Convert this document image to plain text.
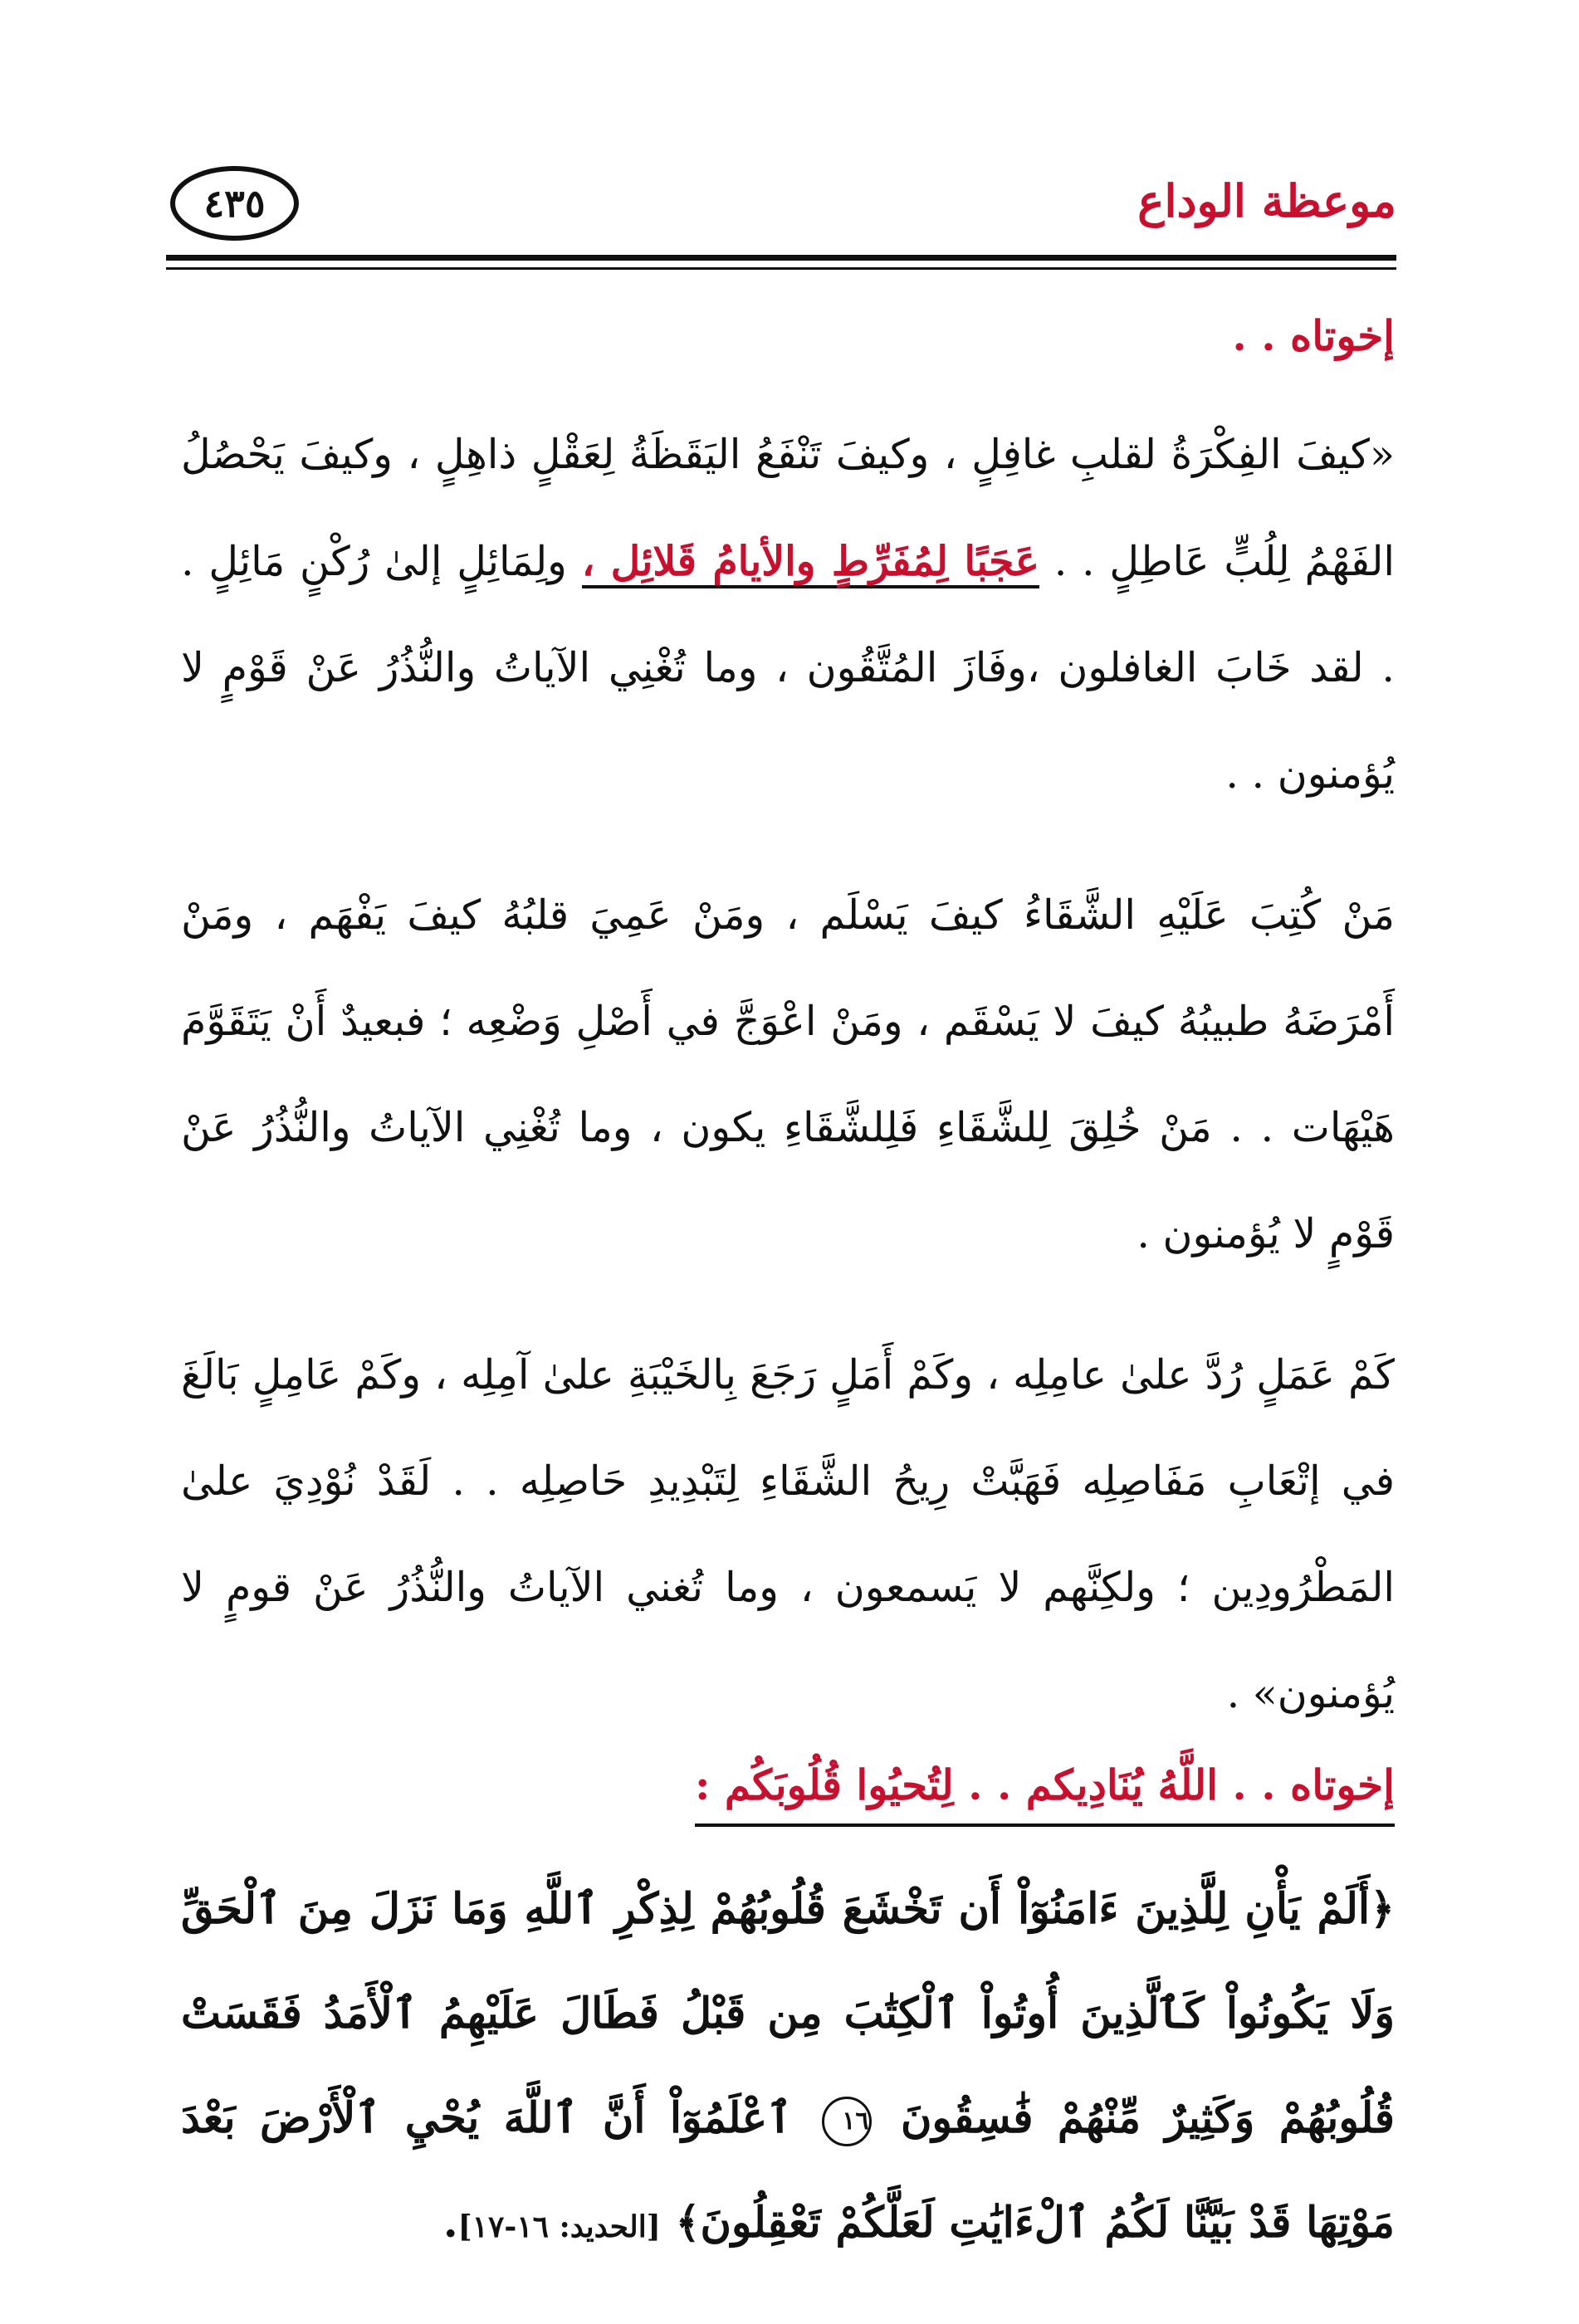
موعظة الوداع
٤٣٥
إخوتاه . .

«كيفَ الفِكْرَةُ لقلبِ غافِلٍ ، وكيفَ تَنْفَعُ اليَقَظَةُ لِعَقْلٍ ذاهِلٍ ، وكيفَ يَحْصُلُ الفَهْمُ لِلُبٍّ عَاطِلٍ . . عَجَبًا لِمُفَرِّطٍ والأيامُ قَلائِل ، ولِمَائِلٍ إلىٰ رُكْنٍ مَائِلٍ . . لقد خَابَ الغافلون ،وفَازَ المُتَّقُون ، وما تُغْنِي الآياتُ والنُّذُرُ عَنْ قَوْمٍ لا يُؤمنون . .

مَنْ كُتِبَ عَلَيْهِ الشَّقَاءُ كيفَ يَسْلَم ، ومَنْ عَمِيَ قلبُهُ كيفَ يَفْهَم ، ومَنْ أَمْرَضَهُ طبيبُهُ كيفَ لا يَسْقَم ، ومَنْ اعْوَجَّ في أَصْلِ وَضْعِه ؛ فبعيدٌ أَنْ يَتَقَوَّمَ هَيْهَات . . مَنْ خُلِقَ لِلشَّقَاءِ فَلِلشَّقَاءِ يكون ، وما تُغْنِي الآياتُ والنُّذُرُ عَنْ قَوْمٍ لا يُؤمنون .

كَمْ عَمَلٍ رُدَّ علىٰ عامِلِه ، وكَمْ أَمَلٍ رَجَعَ بِالخَيْبَةِ علىٰ آمِلِه ، وكَمْ عَامِلٍ بَالَغَ في إتْعَابِ مَفَاصِلِه فَهَبَّتْ رِيحُ الشَّقَاءِ لِتَبْدِيدِ حَاصِلِه . . لَقَدْ نُوْدِيَ علىٰ المَطْرُودِين ؛ ولكِنَّهم لا يَسمعون ، وما تُغني الآياتُ والنُّذُرُ عَنْ قومٍ لا يُؤمنون» .

إخوتاه . . اللَّهُ يُنَادِيكم . . لِتُحيُوا قُلُوبَكُم :

﴿أَلَمْ يَأْنِ لِلَّذِينَ ءَامَنُوٓاْ أَن تَخْشَعَ قُلُوبُهُمْ لِذِكْرِ ٱللَّهِ وَمَا نَزَلَ مِنَ ٱلْحَقِّ وَلَا يَكُونُواْ كَٱلَّذِينَ أُوتُواْ ٱلْكِتَٰبَ مِن قَبْلُ فَطَالَ عَلَيْهِمُ ٱلْأَمَدُ فَقَسَتْ قُلُوبُهُمْ وَكَثِيرٌ مِّنْهُمْ فَٰسِقُونَ ١٦ ٱعْلَمُوٓاْ أَنَّ ٱللَّهَ يُحْيِ ٱلْأَرْضَ بَعْدَ مَوْتِهَا قَدْ بَيَّنَّا لَكُمُ ٱلْءَايَٰتِ لَعَلَّكُمْ تَعْقِلُونَ﴾ [الحديد: ١٦-١٧].
